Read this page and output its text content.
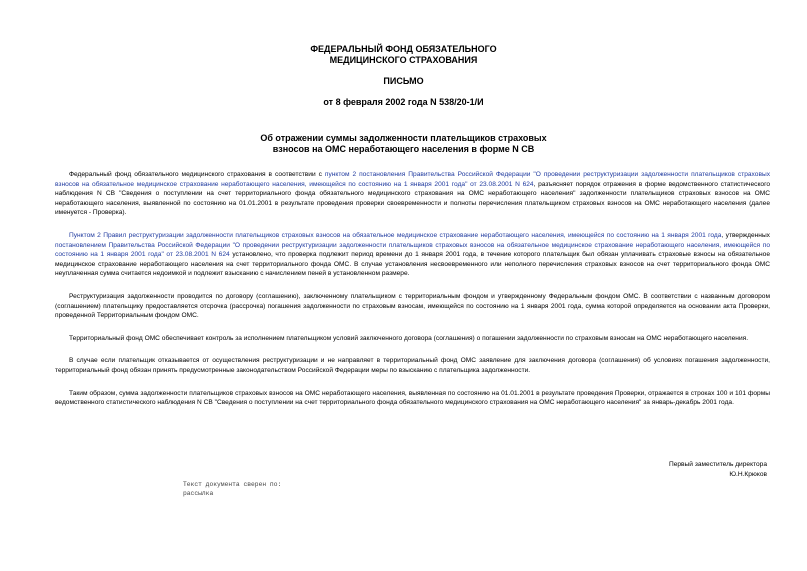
ФЕДЕРАЛЬНЫЙ ФОНД ОБЯЗАТЕЛЬНОГО
МЕДИЦИНСКОГО СТРАХОВАНИЯ
ПИСЬМО
от 8 февраля 2002 года N 538/20-1/И
Об отражении суммы задолженности плательщиков страховых
взносов на ОМС неработающего населения в форме N СВ

Федеральный фонд обязательного медицинского страхования в соответствии с пунктом 2 постановления Правительства Российской Федерации "О проведении реструктуризации задолженности плательщиков страховых взносов на обязательное медицинское страхование неработающего населения, имеющейся по состоянию на 1 января 2001 года" от 23.08.2001 N 624, разъясняет порядок отражения в форме ведомственного статистического наблюдения N СВ "Сведения о поступлении на счет территориального фонда обязательного медицинского страхования на ОМС неработающего населения" задолженности плательщиков страховых взносов на ОМС неработающего населения, выявленной по состоянию на 01.01.2001 в результате проведения проверки своевременности и полноты перечисления плательщиком страховых взносов на ОМС неработающего населения (далее именуется - Проверка).

Пунктом 2 Правил реструктуризации задолженности плательщиков страховых взносов на обязательное медицинское страхование неработающего населения, имеющейся по состоянию на 1 января 2001 года, утвержденных постановлением Правительства Российской Федерации "О проведении реструктуризации задолженности плательщиков страховых взносов на обязательное медицинское страхование неработающего населения, имеющейся по состоянию на 1 января 2001 года" от 23.08.2001 N 624 установлено, что проверка подлежит период времени до 1 января 2001 года, в течение которого плательщик был обязан уплачивать страховые взносы на обязательное медицинское страхование неработающего населения на счет территориального фонда ОМС. В случае установления несвоевременного или неполного перечисления страховых взносов на счет территориального фонда ОМС неуплаченная сумма считается недоимкой и подлежит взысканию с начислением пеней в установленном размере.

Реструктуризация задолженности проводится по договору (соглашению), заключенному плательщиком с территориальным фондом и утвержденному Федеральным фондом ОМС. В соответствии с названным договором (соглашением) плательщику предоставляется отсрочка (рассрочка) погашения задолженности по страховым взносам, имеющейся по состоянию на 1 января 2001 года, сумма которой определяется на основании акта Проверки, проведенной Территориальным фондом ОМС.

Территориальный фонд ОМС обеспечивает контроль за исполнением плательщиком условий заключенного договора (соглашения) о погашении задолженности по страховым взносам на ОМС неработающего населения.

В случае если плательщик отказывается от осуществления реструктуризации и не направляет в территориальный фонд ОМС заявление для заключения договора (соглашения) об условиях погашения задолженности, территориальный фонд обязан принять предусмотренные законодательством Российской Федерации меры по взысканию с плательщика задолженности.

Таким образом, сумма задолженности плательщиков страховых взносов на ОМС неработающего населения, выявленная по состоянию на 01.01.2001 в результате проведения Проверки, отражается в строках 100 и 101 формы ведомственного статистического наблюдения N СВ "Сведения о поступлении на счет территориального фонда обязательного медицинского страхования на ОМС неработающего населения" за январь-декабрь 2001 года.

Первый заместитель директора
Ю.Н.Крюков
Текст документа сверен по:
рассылка
